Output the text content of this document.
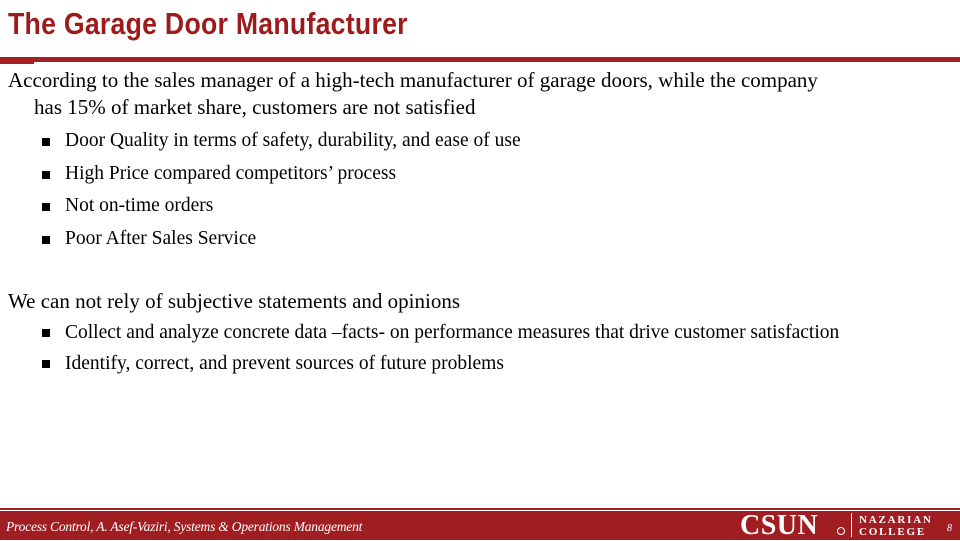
The Garage Door Manufacturer
According to the sales manager of a high-tech manufacturer of garage doors, while the company
has 15% of market share, customers are not satisfied
Door Quality in terms of safety, durability, and ease of use
High Price compared competitors’ process
Not on-time orders
Poor After Sales Service
We can not rely of subjective statements and opinions
Collect and analyze concrete data –facts- on performance measures that drive customer satisfaction
Identify, correct, and prevent sources of future problems
Process Control, A. Asef-Vaziri, Systems & Operations Management	CSUN	NAZARIAN
COLLEGE	8
